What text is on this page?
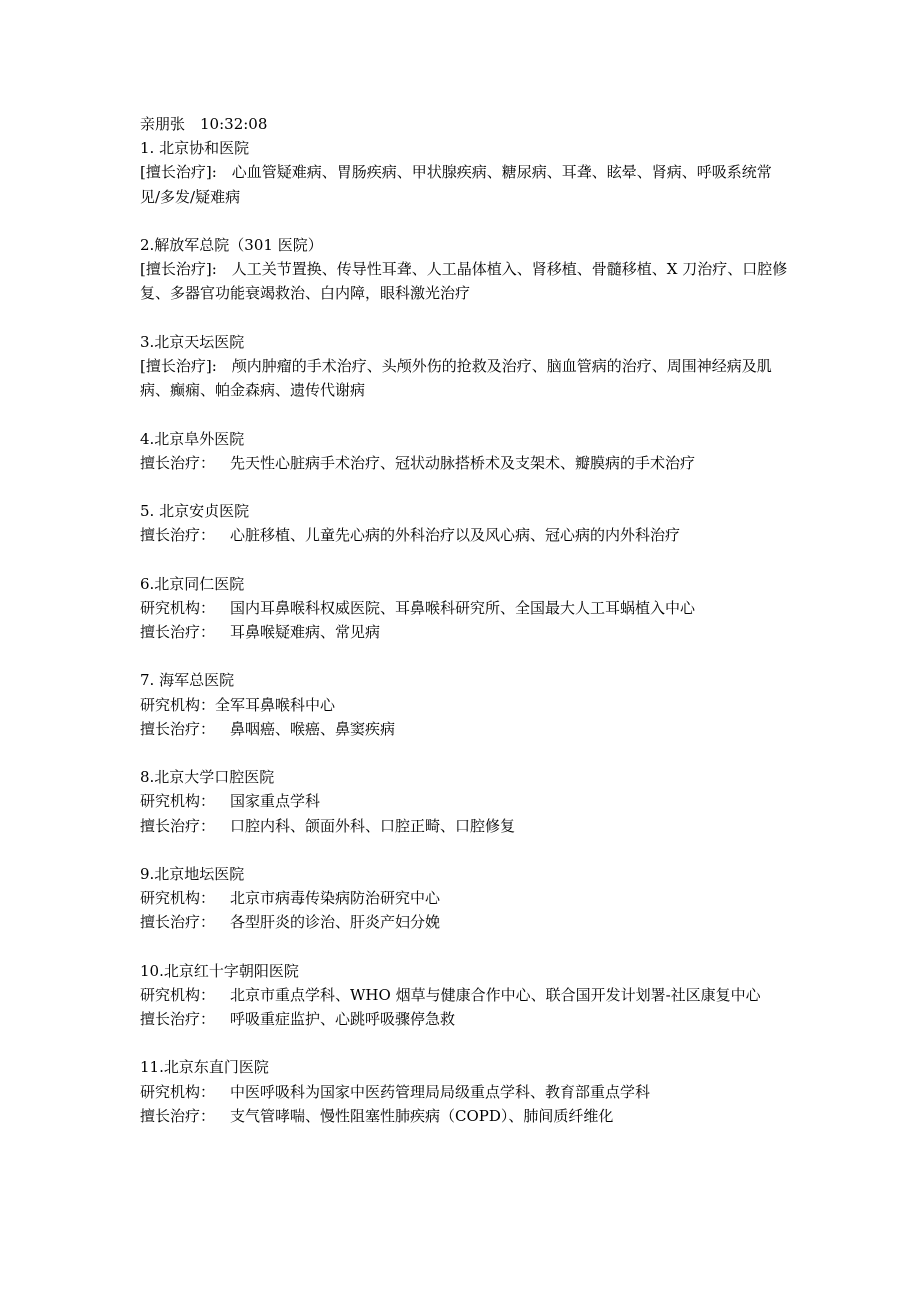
亲朋张 10:32:08
1. 北京协和医院
[擅长治疗]: 心血管疑难病、胃肠疾病、甲状腺疾病、糖尿病、耳聋、眩晕、肾病、呼吸系统常见/多发/疑难病
2.解放军总院（301 医院）
[擅长治疗]: 人工关节置换、传导性耳聋、人工晶体植入、肾移植、骨髓移植、X 刀治疗、口腔修复、多器官功能衰竭救治、白内障，眼科激光治疗
3.北京天坛医院
[擅长治疗]: 颅内肿瘤的手术治疗、头颅外伤的抢救及治疗、脑血管病的治疗、周围神经病及肌病、癫痫、帕金森病、遗传代谢病
4.北京阜外医院
擅长治疗： 先天性心脏病手术治疗、冠状动脉搭桥术及支架术、瓣膜病的手术治疗
5. 北京安贞医院
擅长治疗： 心脏移植、儿童先心病的外科治疗以及风心病、冠心病的内外科治疗
6.北京同仁医院
研究机构： 国内耳鼻喉科权威医院、耳鼻喉科研究所、全国最大人工耳蜗植入中心
擅长治疗： 耳鼻喉疑难病、常见病
7. 海军总医院
研究机构：全军耳鼻喉科中心
擅长治疗： 鼻咽癌、喉癌、鼻窦疾病
8.北京大学口腔医院
研究机构： 国家重点学科
擅长治疗： 口腔内科、颌面外科、口腔正畸、口腔修复
9.北京地坛医院
研究机构： 北京市病毒传染病防治研究中心
擅长治疗： 各型肝炎的诊治、肝炎产妇分娩
10.北京红十字朝阳医院
研究机构： 北京市重点学科、WHO 烟草与健康合作中心、联合国开发计划署-社区康复中心
擅长治疗： 呼吸重症监护、心跳呼吸骤停急救
11.北京东直门医院
研究机构： 中医呼吸科为国家中医药管理局局级重点学科、教育部重点学科
擅长治疗： 支气管哮喘、慢性阻塞性肺疾病（COPD）、肺间质纤维化
